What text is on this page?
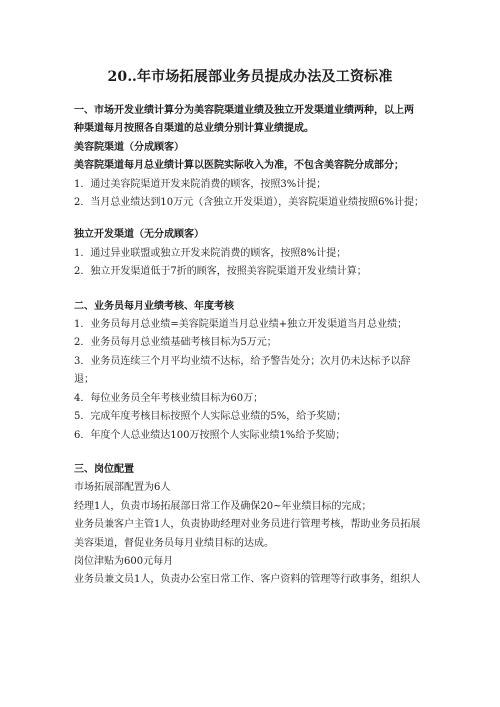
20‥年市场拓展部业务员提成办法及工资标准
一、市场开发业绩计算分为美容院渠道业绩及独立开发渠道业绩两种，以上两
种渠道每月按照各自渠道的总业绩分别计算业绩提成。
美容院渠道（分成顾客）
美容院渠道每月总业绩计算以医院实际收入为准，不包含美容院分成部分；
1．通过美容院渠道开发来院消费的顾客，按照3%计提；
2．当月总业绩达到10万元（含独立开发渠道），美容院渠道业绩按照6%计提；
独立开发渠道（无分成顾客）
1．通过异业联盟或独立开发来院消费的顾客，按照8%计提；
2．独立开发渠道低于7折的顾客，按照美容院渠道开发业绩计算；
二、业务员每月业绩考核、年度考核
1．业务员每月总业绩=美容院渠道当月总业绩+独立开发渠道当月总业绩；
2．业务员每月总业绩基础考核目标为5万元；
3．业务员连续三个月平均业绩不达标，给予警告处分；次月仍未达标予以辞
退；
4．每位业务员全年考核业绩目标为60万；
5．完成年度考核目标按照个人实际总业绩的5%，给予奖励；
6．年度个人总业绩达100万按照个人实际业绩1%给予奖励；
三、岗位配置
市场拓展部配置为6人
经理1人，负责市场拓展部日常工作及确保20~年业绩目标的完成；
业务员兼客户主管1人，负责协助经理对业务员进行管理考核，帮助业务员拓展
美容渠道，督促业务员每月业绩目标的达成。
岗位津贴为600元每月
业务员兼文员1人，负责办公室日常工作、客户资料的管理等行政事务，组织人
